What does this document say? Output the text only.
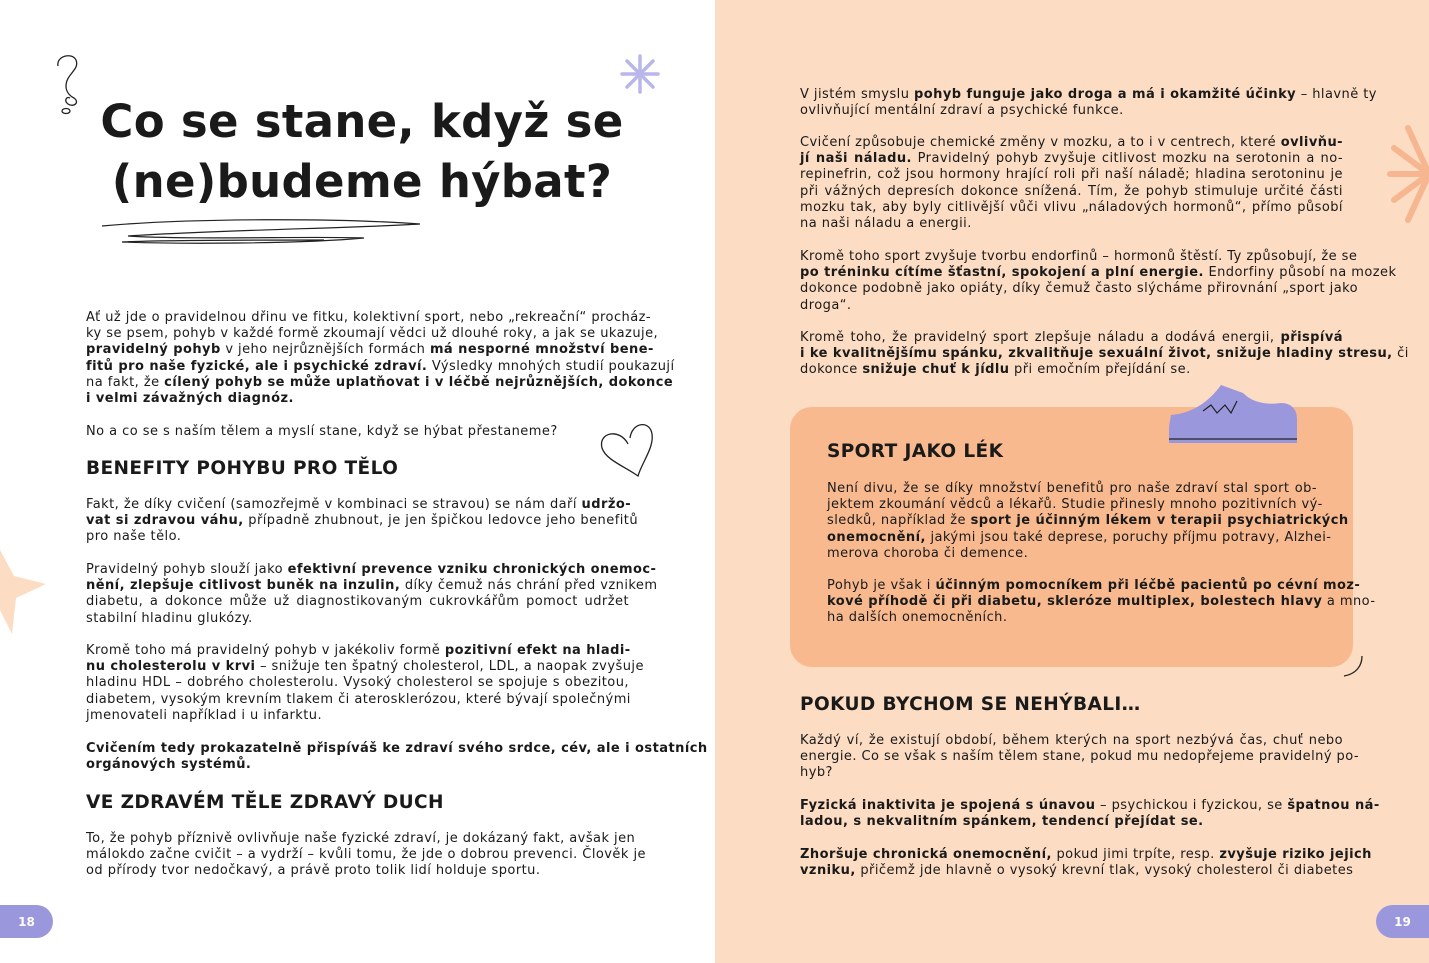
Co se stane, když se
(ne)budeme hýbat?
Ať už jde o pravidelnou dřinu ve fitku, kolektivní sport, nebo „rekreační“ procház-
ky se psem, pohyb v každé formě zkoumají vědci už dlouhé roky, a jak se ukazuje,
pravidelný pohyb v jeho nejrůznějších formách má nesporné množství bene-
fitů pro naše fyzické, ale i psychické zdraví. Výsledky mnohých studií poukazují
na fakt, že cílený pohyb se může uplatňovat i v léčbě nejrůznějších, dokonce
i velmi závažných diagnóz.
No a co se s naším tělem a myslí stane, když se hýbat přestaneme?
BENEFITY POHYBU PRO TĚLO
Fakt, že díky cvičení (samozřejmě v kombinaci se stravou) se nám daří udržo-
vat si zdravou váhu, případně zhubnout, je jen špičkou ledovce jeho benefitů
pro naše tělo.
Pravidelný pohyb slouží jako efektivní prevence vzniku chronických onemoc-
nění, zlepšuje citlivost buněk na inzulin, díky čemuž nás chrání před vznikem
diabetu, a dokonce může už diagnostikovaným cukrovkářům pomoct udržet
stabilní hladinu glukózy.
Kromě toho má pravidelný pohyb v jakékoliv formě pozitivní efekt na hladi-
nu cholesterolu v krvi – snižuje ten špatný cholesterol, LDL, a naopak zvyšuje
hladinu HDL – dobrého cholesterolu. Vysoký cholesterol se spojuje s obezitou,
diabetem, vysokým krevním tlakem či aterosklerózou, které bývají společnými
jmenovateli například i u infarktu.
Cvičením tedy prokazatelně přispíváš ke zdraví svého srdce, cév, ale i ostatních
orgánových systémů.
VE ZDRAVÉM TĚLE ZDRAVÝ DUCH
To, že pohyb příznivě ovlivňuje naše fyzické zdraví, je dokázaný fakt, avšak jen
málokdo začne cvičit – a vydrží – kvůli tomu, že jde o dobrou prevenci. Člověk je
od přírody tvor nedočkavý, a právě proto tolik lidí holduje sportu.
18
V jistém smyslu pohyb funguje jako droga a má i okamžité účinky – hlavně ty
ovlivňující mentální zdraví a psychické funkce.
Cvičení způsobuje chemické změny v mozku, a to i v centrech, které ovlivňu-
jí naši náladu. Pravidelný pohyb zvyšuje citlivost mozku na serotonin a no-
repinefrin, což jsou hormony hrající roli při naší náladě; hladina serotoninu je
při vážných depresích dokonce snížená. Tím, že pohyb stimuluje určité části
mozku tak, aby byly citlivější vůči vlivu „náladových hormonů“, přímo působí
na naši náladu a energii.
Kromě toho sport zvyšuje tvorbu endorfinů – hormonů štěstí. Ty způsobují, že se
po tréninku cítíme šťastní, spokojení a plní energie. Endorfiny působí na mozek
dokonce podobně jako opiáty, díky čemuž často slýcháme přirovnání „sport jako
droga“.
Kromě toho, že pravidelný sport zlepšuje náladu a dodává energii, přispívá
i ke kvalitnějšímu spánku, zkvalitňuje sexuální život, snižuje hladiny stresu, či
dokonce snižuje chuť k jídlu při emočním přejídání se.
SPORT JAKO LÉK
Není divu, že se díky množství benefitů pro naše zdraví stal sport ob-
jektem zkoumání vědců a lékařů. Studie přinesly mnoho pozitivních vý-
sledků, například že sport je účinným lékem v terapii psychiatrických
onemocnění, jakými jsou také deprese, poruchy příjmu potravy, Alzhei-
merova choroba či demence.
Pohyb je však i účinným pomocníkem při léčbě pacientů po cévní moz-
kové příhodě či při diabetu, skleróze multiplex, bolestech hlavy a mno-
ha dalších onemocněních.
POKUD BYCHOM SE NEHÝBALI…
Každý ví, že existují období, během kterých na sport nezbývá čas, chuť nebo
energie. Co se však s naším tělem stane, pokud mu nedopřejeme pravidelný po-
hyb?
Fyzická inaktivita je spojená s únavou – psychickou i fyzickou, se špatnou ná-
ladou, s nekvalitním spánkem, tendencí přejídat se.
Zhoršuje chronická onemocnění, pokud jimi trpíte, resp. zvyšuje riziko jejich
vzniku, přičemž jde hlavně o vysoký krevní tlak, vysoký cholesterol či diabetes
19
